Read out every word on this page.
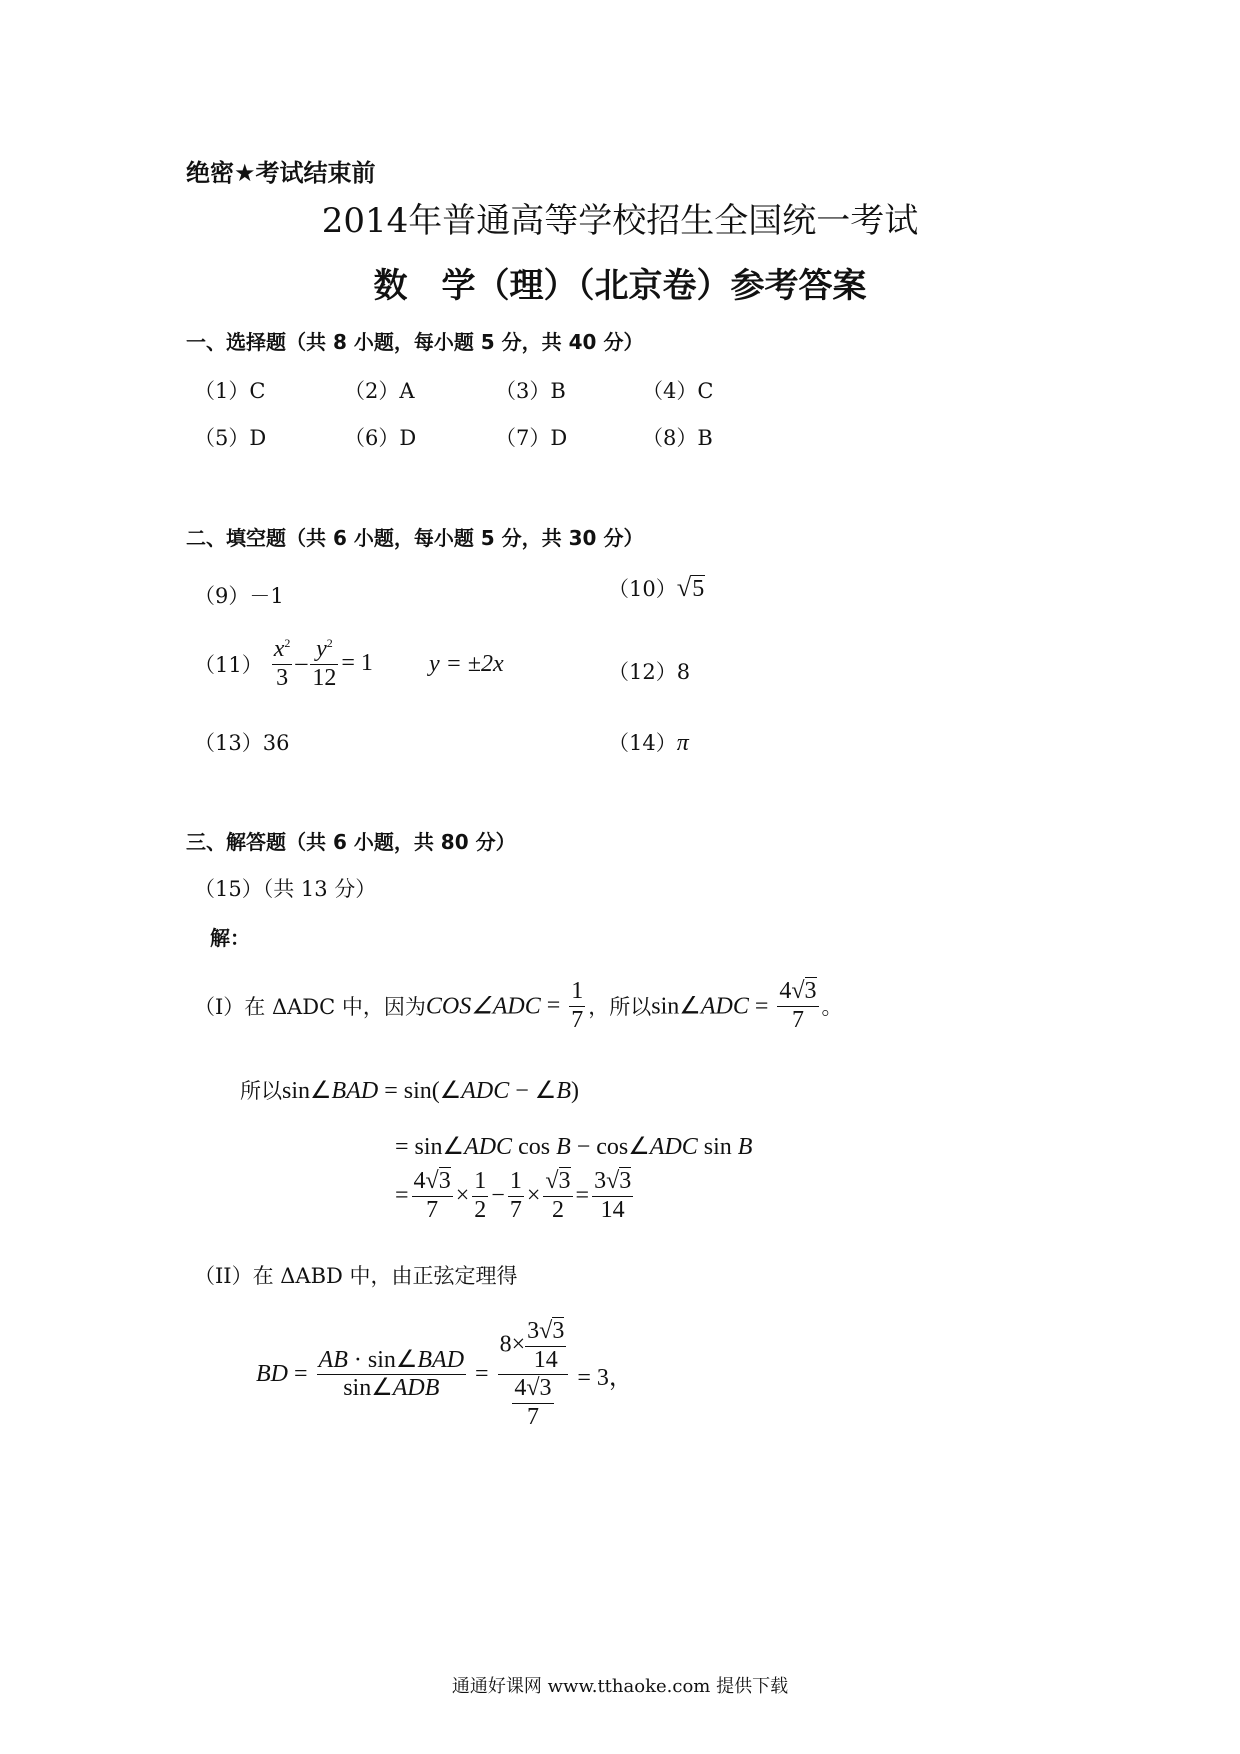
绝密★考试结束前
2014年普通高等学校招生全国统一考试
数　学（理）（北京卷）参考答案
一、选择题（共 8 小题，每小题 5 分，共 40 分）
（1）C	（2）A	（3）B	（4）C
（5）D	（6）D	（7）D	（8）B
二、填空题（共 6 小题，每小题 5 分，共 30 分）
（9）－1	（10）√5
$(11) \frac{x^2}{3} - \frac{y^2}{12} = 1$ y = ±2x	（12）8
（13）36	（14）π
三、解答题（共 6 小题，共 80 分）
（15）（共 13 分）
解：
（I）在 ΔADC 中，因为COS∠ADC = $\frac{1}{7}$ ，所以sin∠ADC = $\frac{4√3}{7}$ 。
所以sin∠BAD = sin(∠ADC − ∠B)
= sin∠ADC cos B − cos∠ADC sin B
= $\frac{4√3}{7} \times \frac{1}{2} - \frac{1}{7} \times \frac{√3}{2} = \frac{3√3}{14}$
（II）在 ΔABD 中，由正弦定理得
BD = $\frac{\text{AB · sin∠BAD}}{\text{sin∠ADB}} = \frac{8\times \frac{3√3}{14}}{\frac{4√3}{7}} = 3$，
通通好课网 www.tthaoke.com 提供下载
